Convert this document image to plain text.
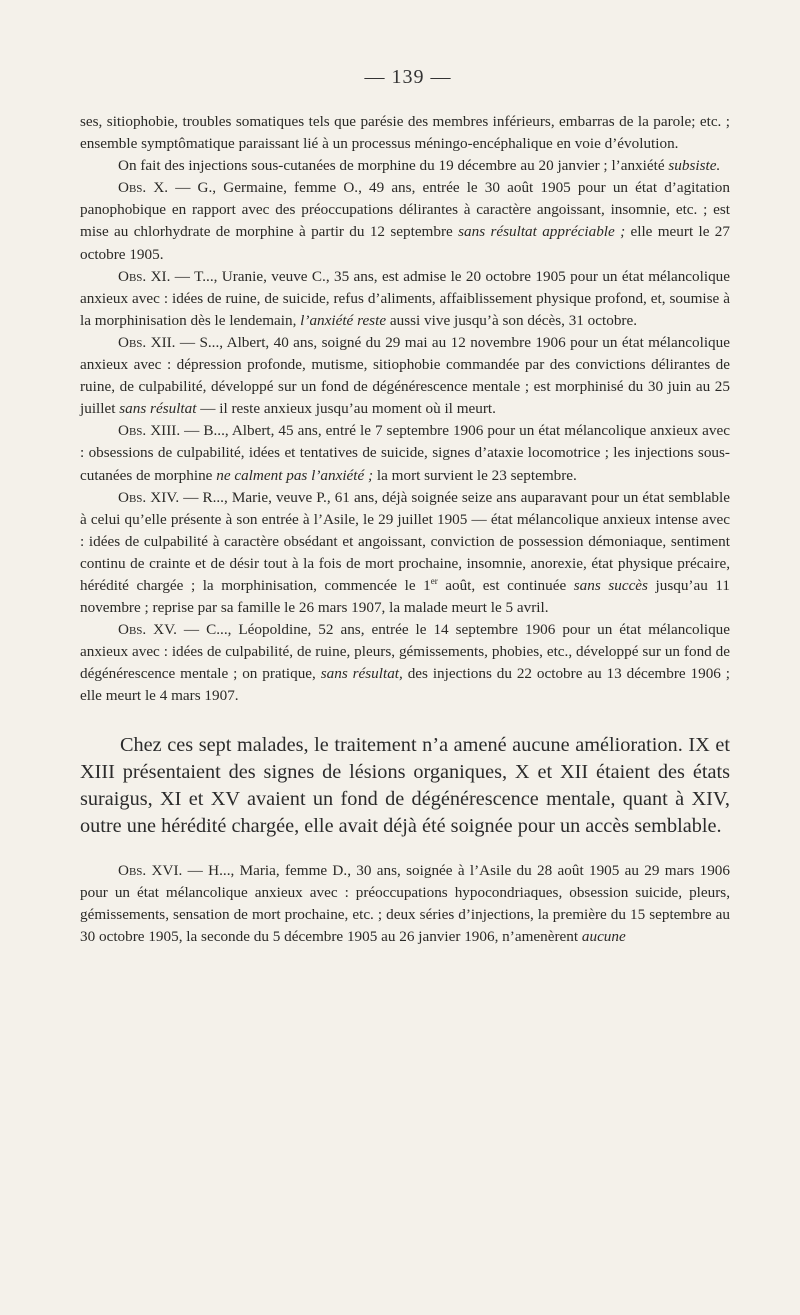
— 139 —

ses, sitiophobie, troubles somatiques tels que parésie des membres inférieurs, embarras de la parole; etc. ; ensemble symptômatique paraissant lié à un processus méningo-encéphalique en voie d’évolution.

On fait des injections sous-cutanées de morphine du 19 décembre au 20 janvier ; l’anxiété subsiste.

Obs. X. — G., Germaine, femme O., 49 ans, entrée le 30 août 1905 pour un état d’agitation panophobique en rapport avec des préoccupations délirantes à caractère angoissant, insomnie, etc. ; est mise au chlorhydrate de morphine à partir du 12 septembre sans résultat appréciable ; elle meurt le 27 octobre 1905.

Obs. XI. — T..., Uranie, veuve C., 35 ans, est admise le 20 octobre 1905 pour un état mélancolique anxieux avec : idées de ruine, de suicide, refus d’aliments, affaiblissement physique profond, et, soumise à la morphinisation dès le lendemain, l’anxiété reste aussi vive jusqu’à son décès, 31 octobre.

Obs. XII. — S..., Albert, 40 ans, soigné du 29 mai au 12 novembre 1906 pour un état mélancolique anxieux avec : dépression profonde, mutisme, sitiophobie commandée par des convictions délirantes de ruine, de culpabilité, développé sur un fond de dégénérescence mentale ; est morphinisé du 30 juin au 25 juillet sans résultat — il reste anxieux jusqu’au moment où il meurt.

Obs. XIII. — B..., Albert, 45 ans, entré le 7 septembre 1906 pour un état mélancolique anxieux avec : obsessions de culpabilité, idées et tentatives de suicide, signes d’ataxie locomotrice ; les injections sous-cutanées de morphine ne calment pas l’anxiété ; la mort survient le 23 septembre.

Obs. XIV. — R..., Marie, veuve P., 61 ans, déjà soignée seize ans auparavant pour un état semblable à celui qu’elle présente à son entrée à l’Asile, le 29 juillet 1905 — état mélancolique anxieux intense avec : idées de culpabilité à caractère obsédant et angoissant, conviction de possession démoniaque, sentiment continu de crainte et de désir tout à la fois de mort prochaine, insomnie, anorexie, état physique précaire, hérédité chargée ; la morphinisation, commencée le 1er août, est continuée sans succès jusqu’au 11 novembre ; reprise par sa famille le 26 mars 1907, la malade meurt le 5 avril.

Obs. XV. — C..., Léopoldine, 52 ans, entrée le 14 septembre 1906 pour un état mélancolique anxieux avec : idées de culpabilité, de ruine, pleurs, gémissements, phobies, etc., développé sur un fond de dégénérescence mentale ; on pratique, sans résultat, des injections du 22 octobre au 13 décembre 1906 ; elle meurt le 4 mars 1907.

Chez ces sept malades, le traitement n’a amené aucune amélioration. IX et XIII présentaient des signes de lésions organiques, X et XII étaient des états suraigus, XI et XV avaient un fond de dégénérescence mentale, quant à XIV, outre une hérédité chargée, elle avait déjà été soignée pour un accès semblable.

Obs. XVI. — H..., Maria, femme D., 30 ans, soignée à l’Asile du 28 août 1905 au 29 mars 1906 pour un état mélancolique anxieux avec : préoccupations hypocondriaques, obsession suicide, pleurs, gémissements, sensation de mort prochaine, etc. ; deux séries d’injections, la première du 15 septembre au 30 octobre 1905, la seconde du 5 décembre 1905 au 26 janvier 1906, n’amenèrent aucune
